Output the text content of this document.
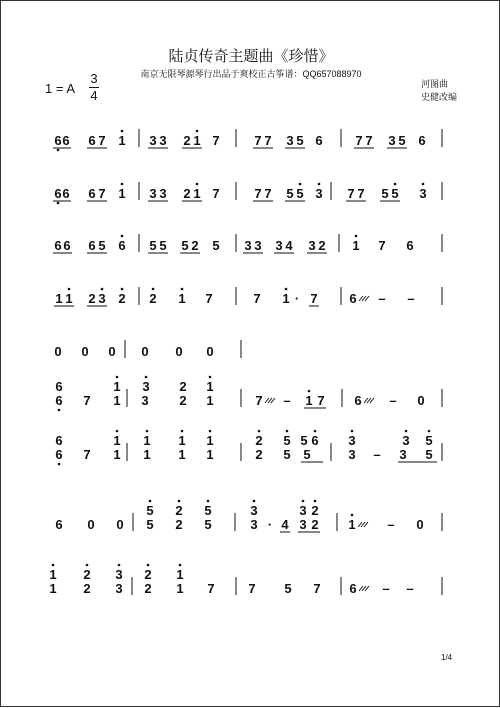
陆贞传奇主题曲《珍惜》
南京无限琴源琴行出品于爽校正古筝谱：QQ657088970
1 = A
3
4
河图曲
史健改编
6 6 6 7 1 3 3 2 1 7	7 7 3 5 6	7 7 3 5 6
6 6 6 7 1 3 3 2 1 7	7 7 5 5 3 7 7 5 5 3
6 6 6 5 6 5 5 5 2 5 3 3 3 4 3 2 1 7 6
1 1 2 3 2 2 1 7	7 1 · 7 6 – –
0 0 0 0 0 0
6 7 1 3 2 1	7 – 1 7 6 – 0
6	1 3 2 1
6 7 1 1 1 1	2 5 5	3 – 3 5
6	1 1 1 1	2 5 5 6 3	3 5
6 0 0 5 2 5	3 · 4 3 2 1 – 0
5 2 5	3	3 2
1 2 3 2 1 7	7 5 7 6 – –
1 2 3 2 1
1/4
